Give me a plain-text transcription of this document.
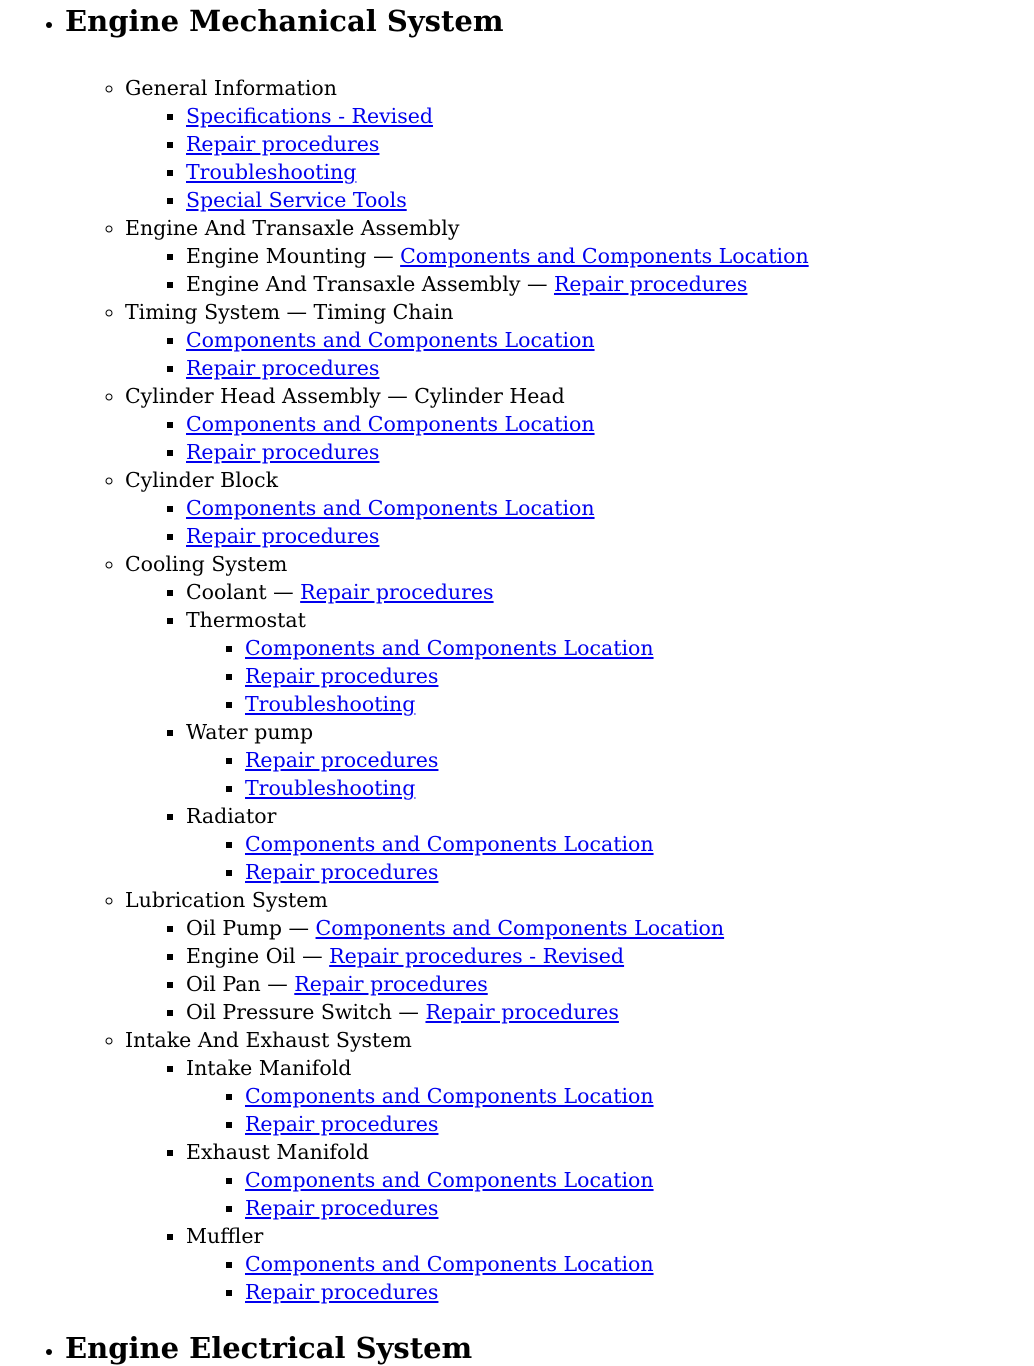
• Engine Mechanical System
◦ General Information
▪ Specifications - Revised
▪ Repair procedures
▪ Troubleshooting
▪ Special Service Tools
◦ Engine And Transaxle Assembly
▪ Engine Mounting — Components and Components Location
▪ Engine And Transaxle Assembly — Repair procedures
◦ Timing System — Timing Chain
▪ Components and Components Location
▪ Repair procedures
◦ Cylinder Head Assembly — Cylinder Head
▪ Components and Components Location
▪ Repair procedures
◦ Cylinder Block
▪ Components and Components Location
▪ Repair procedures
◦ Cooling System
▪ Coolant — Repair procedures
▪ Thermostat
▪ Components and Components Location
▪ Repair procedures
▪ Troubleshooting
▪ Water pump
▪ Repair procedures
▪ Troubleshooting
▪ Radiator
▪ Components and Components Location
▪ Repair procedures
◦ Lubrication System
▪ Oil Pump — Components and Components Location
▪ Engine Oil — Repair procedures - Revised
▪ Oil Pan — Repair procedures
▪ Oil Pressure Switch — Repair procedures
◦ Intake And Exhaust System
▪ Intake Manifold
▪ Components and Components Location
▪ Repair procedures
▪ Exhaust Manifold
▪ Components and Components Location
▪ Repair procedures
▪ Muffler
▪ Components and Components Location
▪ Repair procedures
• Engine Electrical System
